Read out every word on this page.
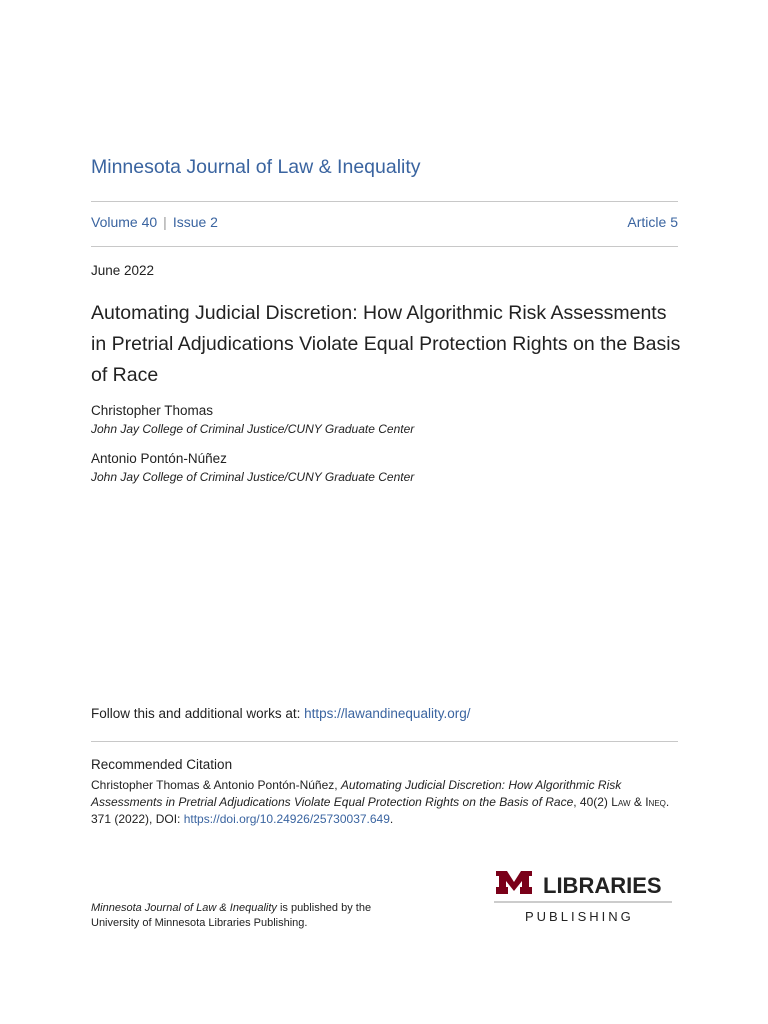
Minnesota Journal of Law & Inequality
Volume 40 | Issue 2	Article 5
June 2022
Automating Judicial Discretion: How Algorithmic Risk Assessments in Pretrial Adjudications Violate Equal Protection Rights on the Basis of Race
Christopher Thomas
John Jay College of Criminal Justice/CUNY Graduate Center
Antonio Pontón-Núñez
John Jay College of Criminal Justice/CUNY Graduate Center
Follow this and additional works at: https://lawandinequality.org/
Recommended Citation
Christopher Thomas & Antonio Pontón-Núñez, Automating Judicial Discretion: How Algorithmic Risk Assessments in Pretrial Adjudications Violate Equal Protection Rights on the Basis of Race, 40(2) Law & Ineq. 371 (2022), DOI: https://doi.org/10.24926/25730037.649.
Minnesota Journal of Law & Inequality is published by the University of Minnesota Libraries Publishing.
LIBRARIES
PUBLISHING
